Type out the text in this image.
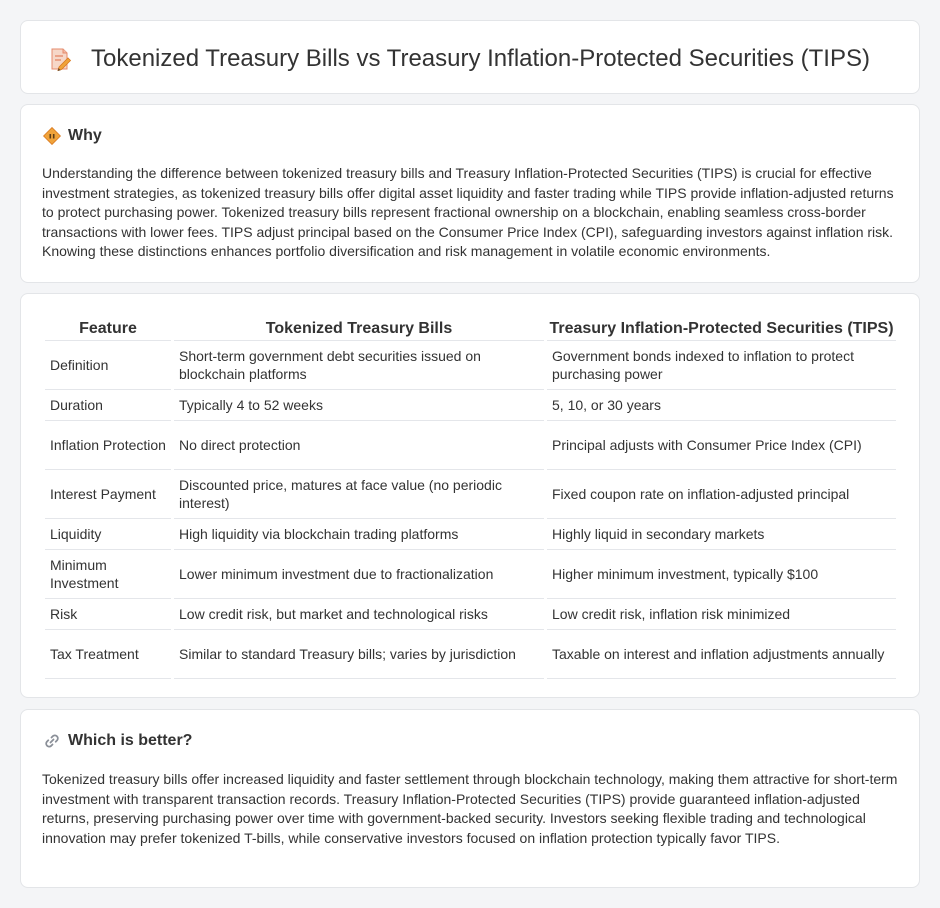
Tokenized Treasury Bills vs Treasury Inflation-Protected Securities (TIPS)
Why

Understanding the difference between tokenized treasury bills and Treasury Inflation-Protected Securities (TIPS) is crucial for effective investment strategies, as tokenized treasury bills offer digital asset liquidity and faster trading while TIPS provide inflation-adjusted returns to protect purchasing power. Tokenized treasury bills represent fractional ownership on a blockchain, enabling seamless cross-border transactions with lower fees. TIPS adjust principal based on the Consumer Price Index (CPI), safeguarding investors against inflation risk. Knowing these distinctions enhances portfolio diversification and risk management in volatile economic environments.

Feature	Tokenized Treasury Bills	Treasury Inflation-Protected Securities (TIPS)
Definition	Short-term government debt securities issued on blockchain platforms	Government bonds indexed to inflation to protect purchasing power
Duration	Typically 4 to 52 weeks	5, 10, or 30 years
Inflation Protection	No direct protection	Principal adjusts with Consumer Price Index (CPI)
Interest Payment	Discounted price, matures at face value (no periodic interest)	Fixed coupon rate on inflation-adjusted principal
Liquidity	High liquidity via blockchain trading platforms	Highly liquid in secondary markets
Minimum Investment	Lower minimum investment due to fractionalization	Higher minimum investment, typically $100
Risk	Low credit risk, but market and technological risks	Low credit risk, inflation risk minimized
Tax Treatment	Similar to standard Treasury bills; varies by jurisdiction	Taxable on interest and inflation adjustments annually
Which is better?

Tokenized treasury bills offer increased liquidity and faster settlement through blockchain technology, making them attractive for short-term investment with transparent transaction records. Treasury Inflation-Protected Securities (TIPS) provide guaranteed inflation-adjusted returns, preserving purchasing power over time with government-backed security. Investors seeking flexible trading and technological innovation may prefer tokenized T-bills, while conservative investors focused on inflation protection typically favor TIPS.
